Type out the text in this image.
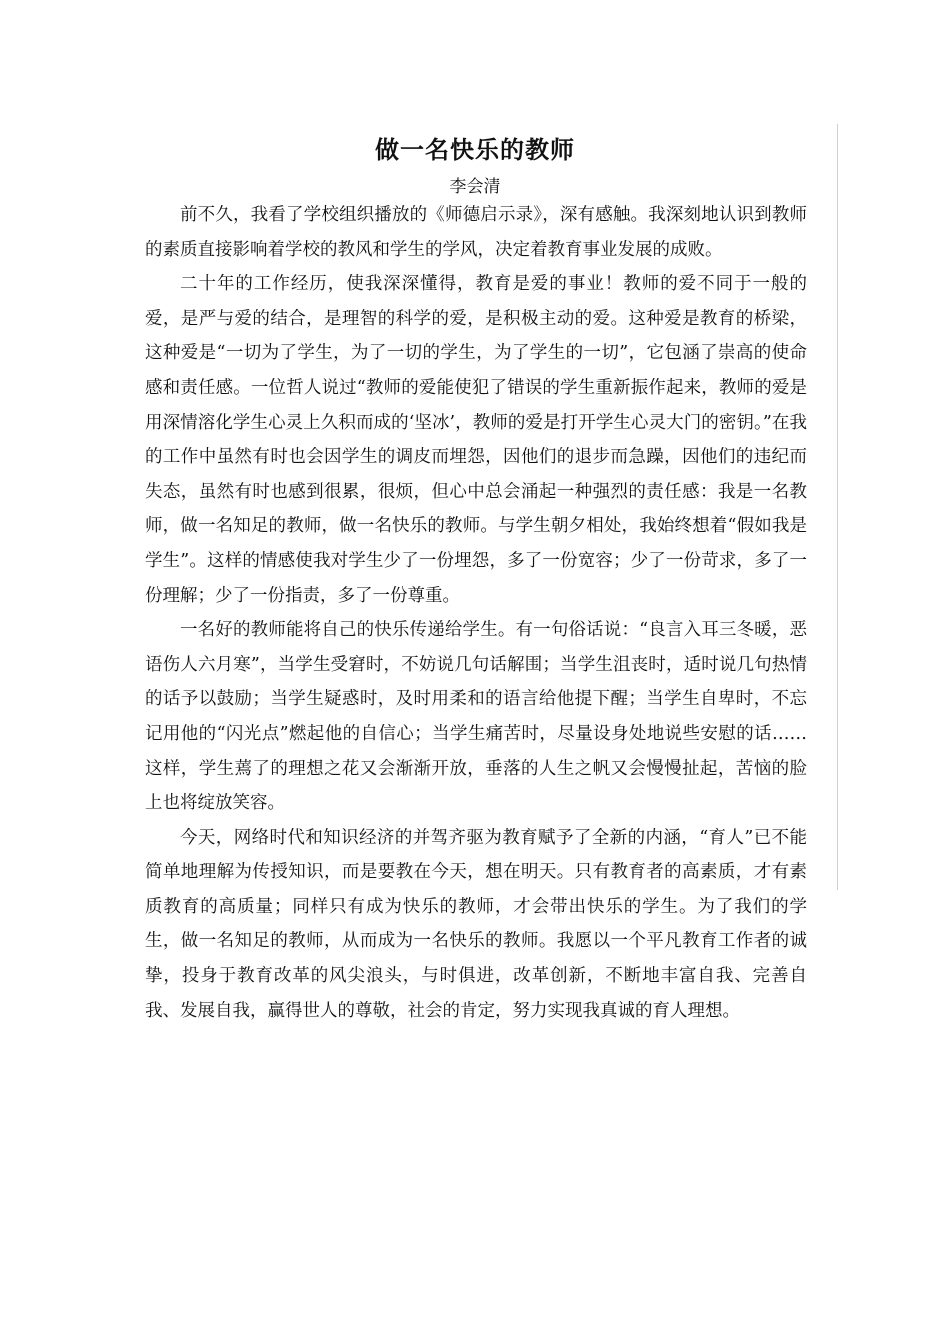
做一名快乐的教师
李会清

前不久，我看了学校组织播放的《师德启示录》，深有感触。我深刻地认识到教师的素质直接影响着学校的教风和学生的学风，决定着教育事业发展的成败。

二十年的工作经历，使我深深懂得，教育是爱的事业！教师的爱不同于一般的爱，是严与爱的结合，是理智的科学的爱，是积极主动的爱。这种爱是教育的桥梁，这种爱是“一切为了学生，为了一切的学生，为了学生的一切”，它包涵了崇高的使命感和责任感。一位哲人说过“教师的爱能使犯了错误的学生重新振作起来，教师的爱是用深情溶化学生心灵上久积而成的‘坚冰’，教师的爱是打开学生心灵大门的密钥。”在我的工作中虽然有时也会因学生的调皮而埋怨，因他们的退步而急躁，因他们的违纪而失态，虽然有时也感到很累，很烦，但心中总会涌起一种强烈的责任感：我是一名教师，做一名知足的教师，做一名快乐的教师。与学生朝夕相处，我始终想着“假如我是学生”。这样的情感使我对学生少了一份埋怨，多了一份宽容；少了一份苛求，多了一份理解；少了一份指责，多了一份尊重。

一名好的教师能将自己的快乐传递给学生。有一句俗话说：“良言入耳三冬暖，恶语伤人六月寒”，当学生受窘时，不妨说几句话解围；当学生沮丧时，适时说几句热情的话予以鼓励；当学生疑惑时，及时用柔和的语言给他提下醒；当学生自卑时，不忘记用他的“闪光点”燃起他的自信心；当学生痛苦时，尽量设身处地说些安慰的话……这样，学生蔫了的理想之花又会渐渐开放，垂落的人生之帆又会慢慢扯起，苦恼的脸上也将绽放笑容。

今天，网络时代和知识经济的并驾齐驱为教育赋予了全新的内涵，“育人”已不能简单地理解为传授知识，而是要教在今天，想在明天。只有教育者的高素质，才有素质教育的高质量；同样只有成为快乐的教师，才会带出快乐的学生。为了我们的学生，做一名知足的教师，从而成为一名快乐的教师。我愿以一个平凡教育工作者的诚挚，投身于教育改革的风尖浪头，与时俱进，改革创新，不断地丰富自我、完善自我、发展自我，赢得世人的尊敬，社会的肯定，努力实现我真诚的育人理想。
